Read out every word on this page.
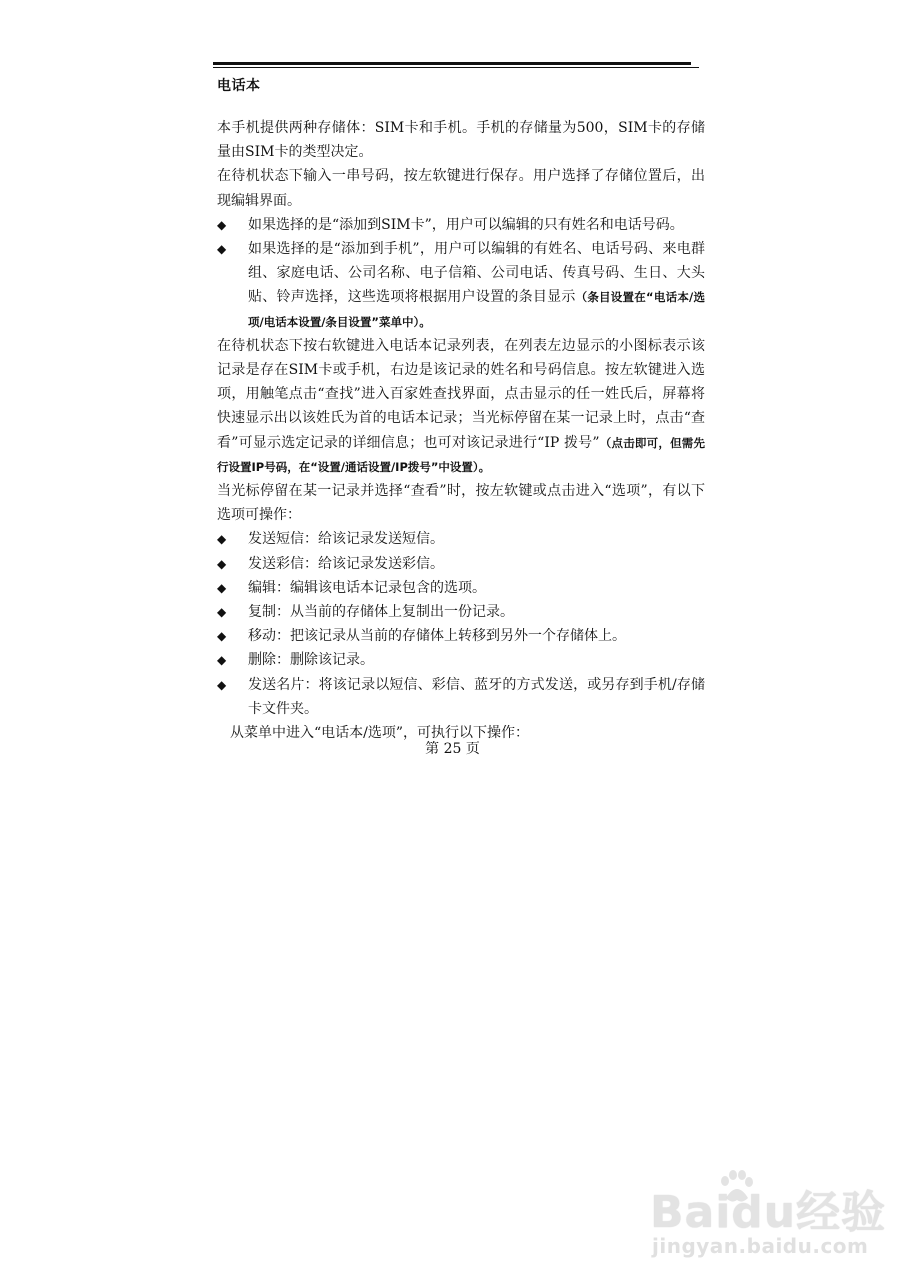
电话本

本手机提供两种存储体：SIM卡和手机。手机的存储量为500，SIM卡的存储量由SIM卡的类型决定。

在待机状态下输入一串号码，按左软键进行保存。用户选择了存储位置后，出现编辑界面。

◆ 如果选择的是“添加到SIM卡”，用户可以编辑的只有姓名和电话号码。

◆ 如果选择的是“添加到手机”，用户可以编辑的有姓名、电话号码、来电群组、家庭电话、公司名称、电子信箱、公司电话、传真号码、生日、大头贴、铃声选择，这些选项将根据用户设置的条目显示（条目设置在“电话本/选项/电话本设置/条目设置”菜单中）。

在待机状态下按右软键进入电话本记录列表，在列表左边显示的小图标表示该记录是存在SIM卡或手机，右边是该记录的姓名和号码信息。按左软键进入选项，用触笔点击“查找”进入百家姓查找界面，点击显示的任一姓氏后，屏幕将快速显示出以该姓氏为首的电话本记录；当光标停留在某一记录上时，点击“查看”可显示选定记录的详细信息；也可对该记录进行“IP 拨号”（点击即可，但需先行设置IP号码，在“设置/通话设置/IP拨号”中设置）。

当光标停留在某一记录并选择“查看”时，按左软键或点击进入“选项”，有以下选项可操作：

◆ 发送短信：给该记录发送短信。

◆ 发送彩信：给该记录发送彩信。

◆ 编辑：编辑该电话本记录包含的选项。

◆ 复制：从当前的存储体上复制出一份记录。

◆ 移动：把该记录从当前的存储体上转移到另外一个存储体上。

◆ 删除：删除该记录。

◆ 发送名片：将该记录以短信、彩信、蓝牙的方式发送，或另存到手机/存储卡文件夹。

从菜单中进入“电话本/选项”，可执行以下操作：

第 25 页
Baidu经验
jingyan.baidu.com
